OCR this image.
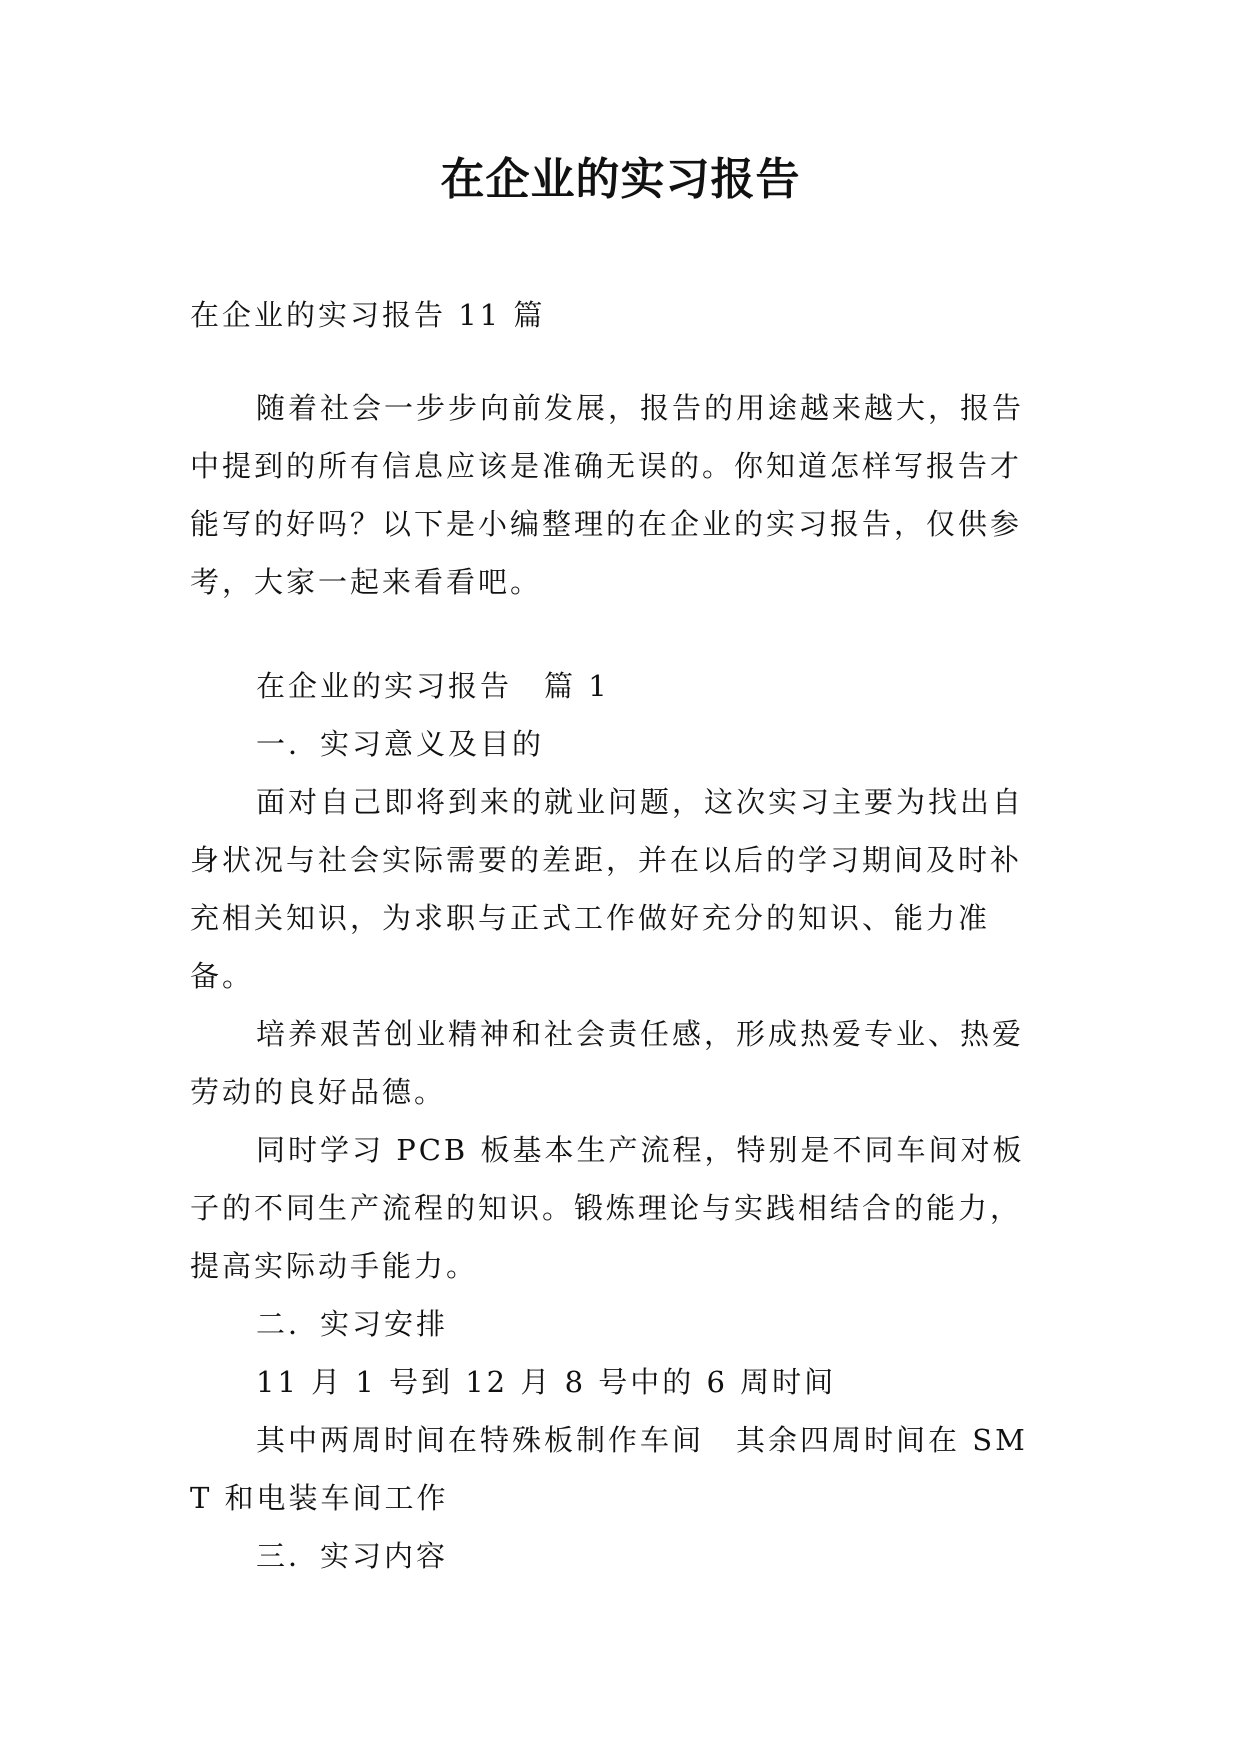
在企业的实习报告

在企业的实习报告 11 篇

随着社会一步步向前发展，报告的用途越来越大，报告中提到的所有信息应该是准确无误的。你知道怎样写报告才能写的好吗？以下是小编整理的在企业的实习报告，仅供参考，大家一起来看看吧。

在企业的实习报告　篇 1

一．实习意义及目的

面对自己即将到来的就业问题，这次实习主要为找出自身状况与社会实际需要的差距，并在以后的学习期间及时补充相关知识，为求职与正式工作做好充分的知识、能力准备。

培养艰苦创业精神和社会责任感，形成热爱专业、热爱劳动的良好品德。

同时学习 PCB 板基本生产流程，特别是不同车间对板子的不同生产流程的知识。锻炼理论与实践相结合的能力，提高实际动手能力。

二．实习安排

11 月 1 号到 12 月 8 号中的 6 周时间

其中两周时间在特殊板制作车间　其余四周时间在 SMT 和电装车间工作

三．实习内容
